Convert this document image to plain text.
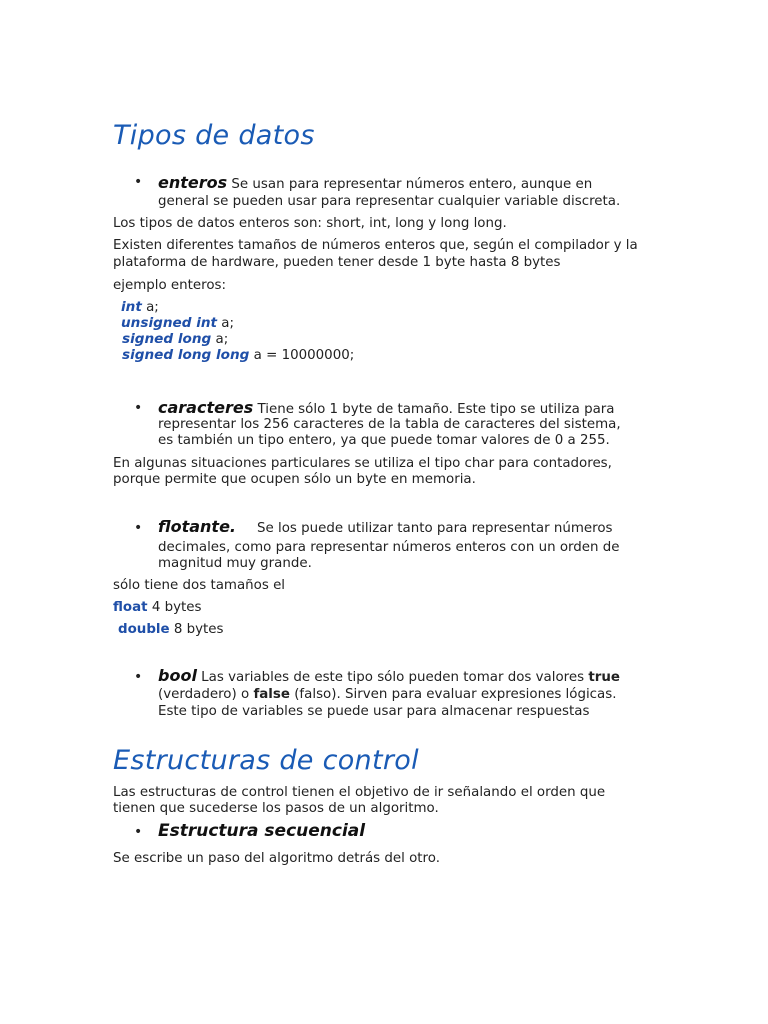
Tipos de datos
• enteros Se usan para representar números entero, aunque en
general se pueden usar para representar cualquier variable discreta.
Los tipos de datos enteros son: short, int, long y long long.
Existen diferentes tamaños de números enteros que, según el compilador y la
plataforma de hardware, pueden tener desde 1 byte hasta 8 bytes
ejemplo enteros:
int a;
unsigned int a;
signed long a;
signed long long a = 10000000;
• caracteres Tiene sólo 1 byte de tamaño. Este tipo se utiliza para
representar los 256 caracteres de la tabla de caracteres del sistema,
es también un tipo entero, ya que puede tomar valores de 0 a 255.
En algunas situaciones particulares se utiliza el tipo char para contadores,
porque permite que ocupen sólo un byte en memoria.
• flotante. Se los puede utilizar tanto para representar números
decimales, como para representar números enteros con un orden de
magnitud muy grande.
sólo tiene dos tamaños el
float 4 bytes
double 8 bytes
• bool Las variables de este tipo sólo pueden tomar dos valores true
(verdadero) o false (falso). Sirven para evaluar expresiones lógicas.
Este tipo de variables se puede usar para almacenar respuestas
Estructuras de control
Las estructuras de control tienen el objetivo de ir señalando el orden que
tienen que sucederse los pasos de un algoritmo.
• Estructura secuencial
Se escribe un paso del algoritmo detrás del otro.
